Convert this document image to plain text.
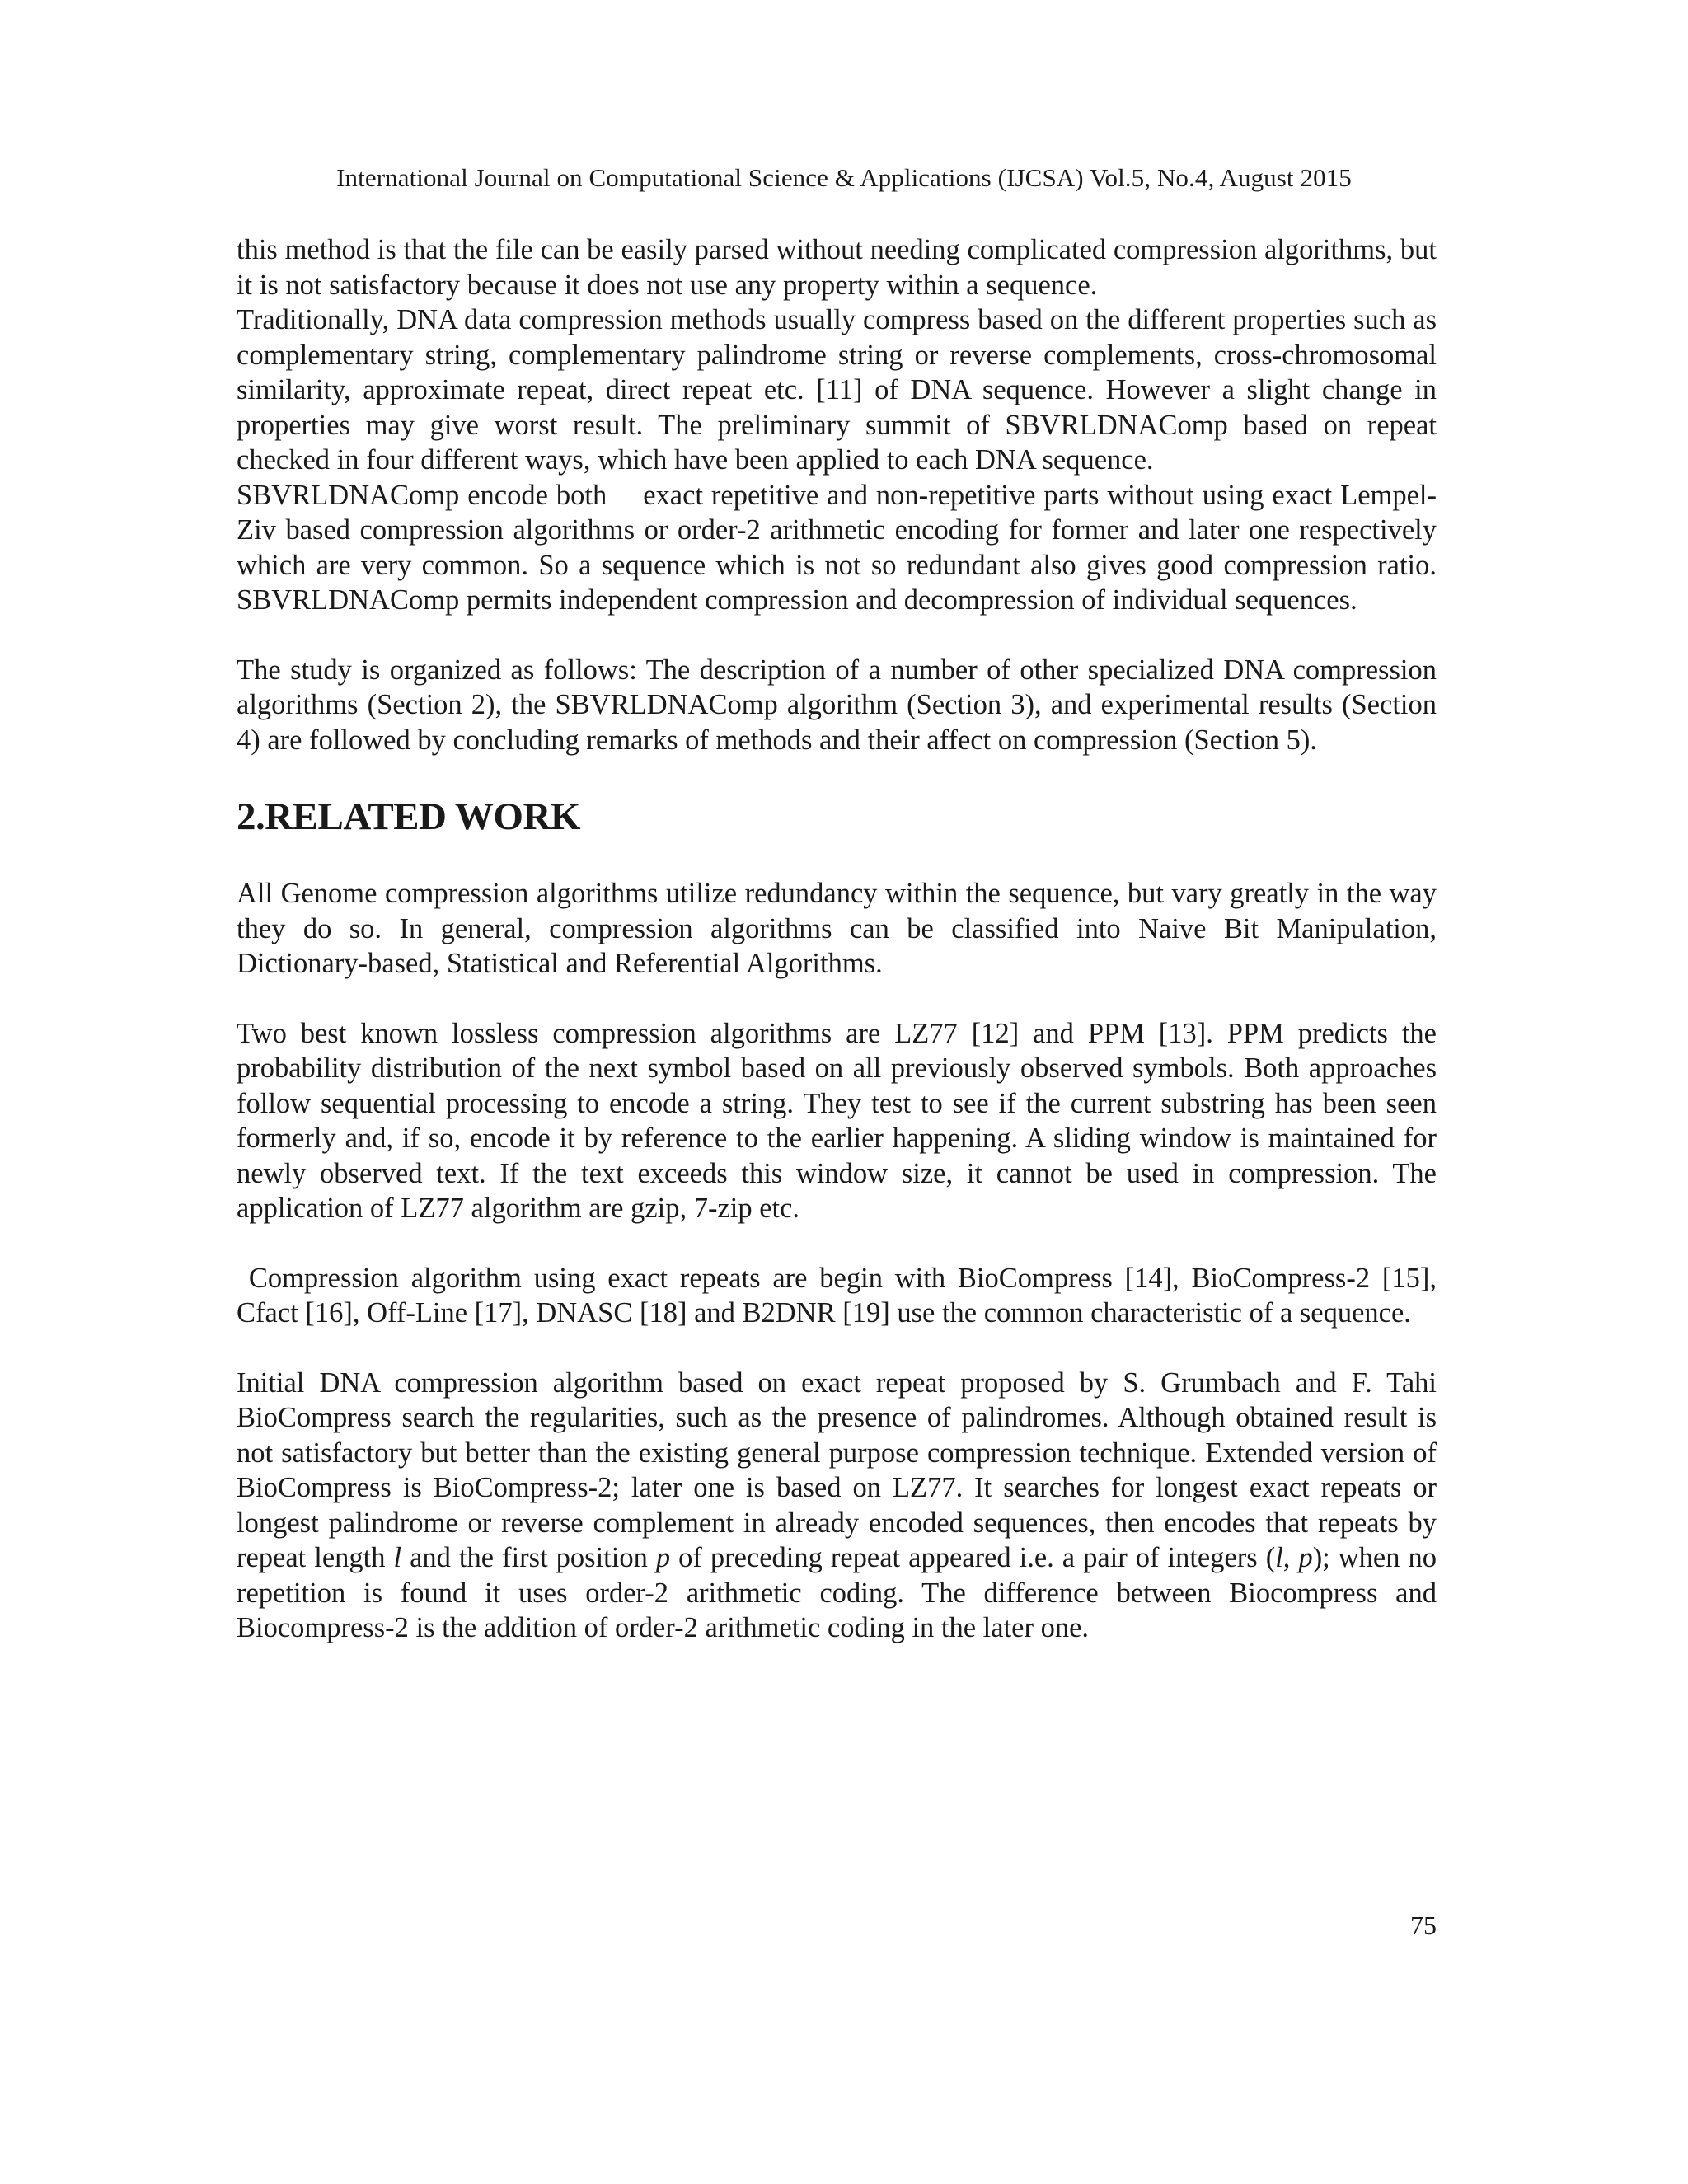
International Journal on Computational Science & Applications (IJCSA) Vol.5, No.4, August 2015

this method is that the file can be easily parsed without needing complicated compression algorithms, but it is not satisfactory because it does not use any property within a sequence.

Traditionally, DNA data compression methods usually compress based on the different properties such as complementary string, complementary palindrome string or reverse complements, cross-chromosomal similarity, approximate repeat, direct repeat etc. [11] of DNA sequence. However a slight change in properties may give worst result. The preliminary summit of SBVRLDNAComp based on repeat checked in four different ways, which have been applied to each DNA sequence.

SBVRLDNAComp encode both exact repetitive and non-repetitive parts without using exact Lempel-Ziv based compression algorithms or order-2 arithmetic encoding for former and later one respectively which are very common. So a sequence which is not so redundant also gives good compression ratio. SBVRLDNAComp permits independent compression and decompression of individual sequences.

The study is organized as follows: The description of a number of other specialized DNA compression algorithms (Section 2), the SBVRLDNAComp algorithm (Section 3), and experimental results (Section 4) are followed by concluding remarks of methods and their affect on compression (Section 5).

2.RELATED WORK

All Genome compression algorithms utilize redundancy within the sequence, but vary greatly in the way they do so. In general, compression algorithms can be classified into Naive Bit Manipulation, Dictionary-based, Statistical and Referential Algorithms.

Two best known lossless compression algorithms are LZ77 [12] and PPM [13]. PPM predicts the probability distribution of the next symbol based on all previously observed symbols. Both approaches follow sequential processing to encode a string. They test to see if the current substring has been seen formerly and, if so, encode it by reference to the earlier happening. A sliding window is maintained for newly observed text. If the text exceeds this window size, it cannot be used in compression. The application of LZ77 algorithm are gzip, 7-zip etc.

Compression algorithm using exact repeats are begin with BioCompress [14], BioCompress-2 [15], Cfact [16], Off-Line [17], DNASC [18] and B2DNR [19] use the common characteristic of a sequence.

Initial DNA compression algorithm based on exact repeat proposed by S. Grumbach and F. Tahi BioCompress search the regularities, such as the presence of palindromes. Although obtained result is not satisfactory but better than the existing general purpose compression technique. Extended version of BioCompress is BioCompress-2; later one is based on LZ77. It searches for longest exact repeats or longest palindrome or reverse complement in already encoded sequences, then encodes that repeats by repeat length l and the first position p of preceding repeat appeared i.e. a pair of integers (l, p); when no repetition is found it uses order-2 arithmetic coding. The difference between Biocompress and Biocompress-2 is the addition of order-2 arithmetic coding in the later one.

75
